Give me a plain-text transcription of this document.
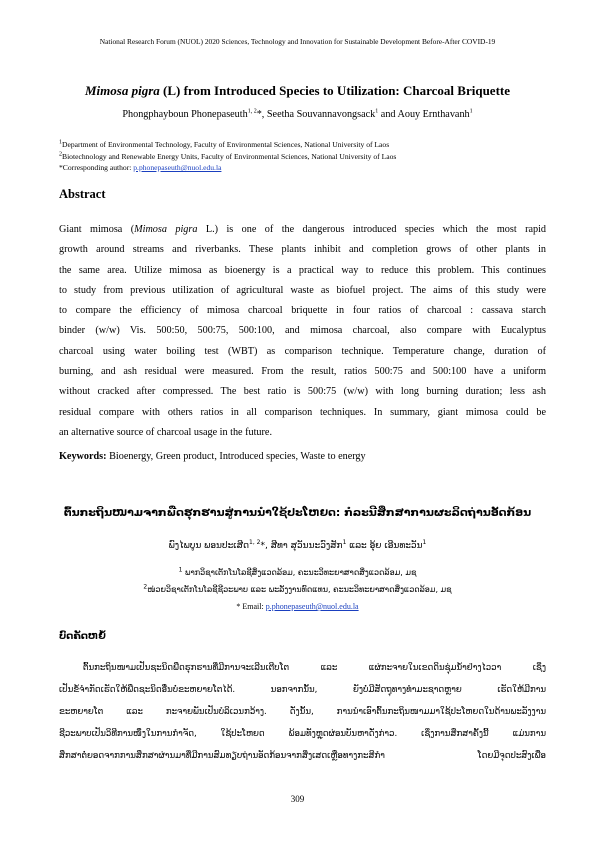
National Research Forum (NUOL) 2020 Sciences, Technology and Innovation for Sustainable Development Before-After COVID-19
Mimosa pigra (L) from Introduced Species to Utilization: Charcoal Briquette
Phongphayboun Phonepaseuth$^{1, 2}$*, Seetha Souvannavongsack$^1$ and Aouy Ernthavanh$^1$
$^1$Department of Environmental Technology, Faculty of Environmental Sciences, National University of Laos
$^2$Biotechnology and Renewable Energy Units, Faculty of Environmental Sciences, National University of Laos
*Corresponding author: p.phonepaseuth@nuol.edu.la
Abstract
Giant mimosa (Mimosa pigra L.) is one of the dangerous introduced species which the most rapid
growth around streams and riverbanks. These plants inhibit and completion grows of other plants in
the same area. Utilize mimosa as bioenergy is a practical way to reduce this problem. This continues
to study from previous utilization of agricultural waste as biofuel project. The aims of this study were
to compare the efficiency of mimosa charcoal briquette in four ratios of charcoal : cassava starch
binder (w/w) Vis. 500:50, 500:75, 500:100, and mimosa charcoal, also compare with Eucalyptus
charcoal using water boiling test (WBT) as comparison technique. Temperature change, duration of
burning, and ash residual were measured. From the result, ratios 500:75 and 500:100 have a uniform
without cracked after compressed. The best ratio is 500:75 (w/w) with long burning duration; less ash
residual compare with others ratios in all comparison techniques. In summary, giant mimosa could be
an alternative source of charcoal usage in the future.
Keywords: Bioenergy, Green product, Introduced species, Waste to energy
ຕົ້ນກະຖິນໜາມຈາກພືດຮຸກຮານສູ່ການນຳໃຊ້ປະໂຫຍດ: ກໍລະນີສຶກສາການຜະລິດຖ່ານອັດກ້ອນ
ພົງໄພບູນ ພອນປະເສີດ$^{1, 2}$*, ສີທາ ສຸວັນນະວົງສັກ$^1$ ແລະ ອຸ້ຍ ເອີນທະວັນ$^1$
$^1$ ພາກວິຊາເຕັກໂນໂລຊີສິ່ງແວດລ້ອມ, ຄະນະວິທະຍາສາດສິ່ງແວດລ້ອມ, ມຊ
$^2$ໜ່ວຍວິຊາເຕັກໂນໂລຊີຊີວະພາບ ແລະ ພະລັງງານທົດແທນ, ຄະນະວິທະຍາສາດສິ່ງແວດລ້ອມ, ມຊ
* Email: p.phonepaseuth@nuol.edu.la
ບົດຄັດຫຍໍ້
ຕົ້ນກະຖິນໜາມເປັນຊະນິດພືດຮຸກຮານທີ່ມີການຈະເລີນເຕີບໂຕ ແລະ ແຜ່ກະຈາຍໃນເຂດດິນຊຸ່ມນໍ້າຢ່າງໄວວາ ເຊິ່ງ
ເປັນຂໍ້ຈຳກັດເຮັດໃຫ້ພືດຊະນິດອື່ນບໍ່ຂະຫຍາຍໂຕໄດ້. ນອກຈາກນັ້ນ, ຍັງບໍ່ມີສັດຖຸທາງທຳມະຊາດຫຼາຍ ເຮັດໃຫ້ມີການ
ຂະຫຍາຍໂຕ ແລະ ກະຈາຍພັນເປັນບໍລິເວນກວ້າງ. ດັ່ງນັ້ນ, ການນຳເອົາຕົ້ນກະຖິນໜາມມາໃຊ້ປະໂຫຍດໃນດ້ານພະລັງງານ
ຊີວະພາບເປັນວິທີການໜຶ່ງໃນການກຳຈັດ, ໃຊ້ປະໂຫຍດ ພ້ອມທັງຫຼຸດຜ່ອນບັນຫາດັ່ງກ່າວ. ເຊິ່ງການສຶກສາຄັ້ງນີ້ ແມ່ນການ
ສຶກສາຕໍ່ຍອດຈາກການສຶກສາຜ່ານມາທີ່ມີການສົມທຽບຖ່ານອັດກ້ອນຈາກສິ່ງເສດເຫຼືອທາງກະສິກຳ ໂດຍມີຈຸດປະສົງເພື່ອ
309
